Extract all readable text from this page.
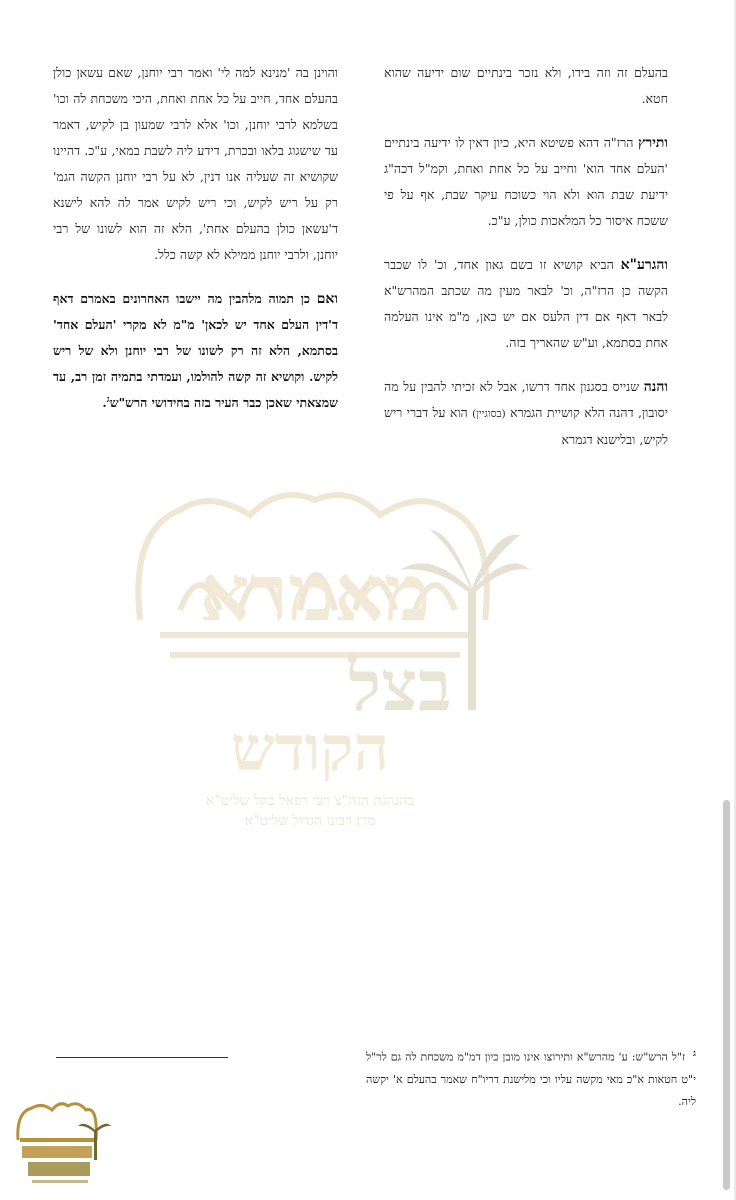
מאמרא
בצל
הקודש
בהנהגת הגה"צ רבי רפאל בקל שליט"א
מרן רבינו הגדול שליט"א

בהעלם זה וזה בידו, ולא נזכר בינתיים שום ידיעה שהוא חטא.

ותירץ הרז"ה דהא פשיטא היא, כיון דאין לו ידיעה בינתיים 'העלם אחד הוא' וחייב על כל אחת ואחת, וקמ"ל דכה"ג ידיעת שבת הוא ולא הוי כשוכח עיקר שבת, אף על פי ששכח איסור כל המלאכות כולן, ע"כ.

והגרע"א הביא קושיא זו בשם גאון אחד, וכ' לו שכבר הקשה כן הרז"ה, וכ' לבאר מעין מה שכתב המהרש"א לבאר דאף אם דין הלעס אם יש כאן, מ"מ אינו העלמה אחת בסתמא, וע"ש שהאריך בזה.

והנה שנייס בסגנון אחד דרשו, אבל לא זכיתי להבין על מה יסובון, דהנה הלא קושיית הגמרא (בסוגיין) הוא על דברי ריש לקיש, ובלישנא דגמרא

והוינן בה 'מנינא למה לי' ואמר רבי יוחנן, שאם עשאן כולן בהעלם אחד, חייב על כל אחת ואחת, היכי משכחת לה וכו' בשלמא לרבי יוחנן, וכו' אלא לרבי שמעון בן לקיש, דאמר עד שישגוג בלאו ובכרת, דידע ליה לשבת במאי, ע"כ. דהיינו שקושיא זה שעליה אנו דנין, לא על רבי יוחנן הקשה הגמ' רק על ריש לקיש, וכי ריש לקיש אמר לה להא לישנא ד'עשאן כולן בהעלם אחת', הלא זה הוא לשונו של רבי יוחנן, ולרבי יוחנן ממילא לא קשה כלל.

ואם כן תמוה מלהבין מה יישבו האחרונים באמרם דאף ד'דין העלם אחד יש לכאן' מ"מ לא מקרי 'העלם אחד' בסתמא, הלא זה רק לשונו של רבי יוחנן ולא של ריש לקיש. וקושיא זה קשה להולמו, ועמדתי בתמיה זמן רב, עד שמצאתי שאכן כבר העיר בזה בחידושי הרש"ש$^ג$.

$^ג$ז"ל הרש"ש: ע' מהרש"א ותירוצו אינו מובן כיון דמ"מ משכחת לה גם לר"ל י"ט חטאות א"כ מאי מקשה עליו וכי מלישנת דריו"ח שאמר בהעלם א' יקשה ליה.
